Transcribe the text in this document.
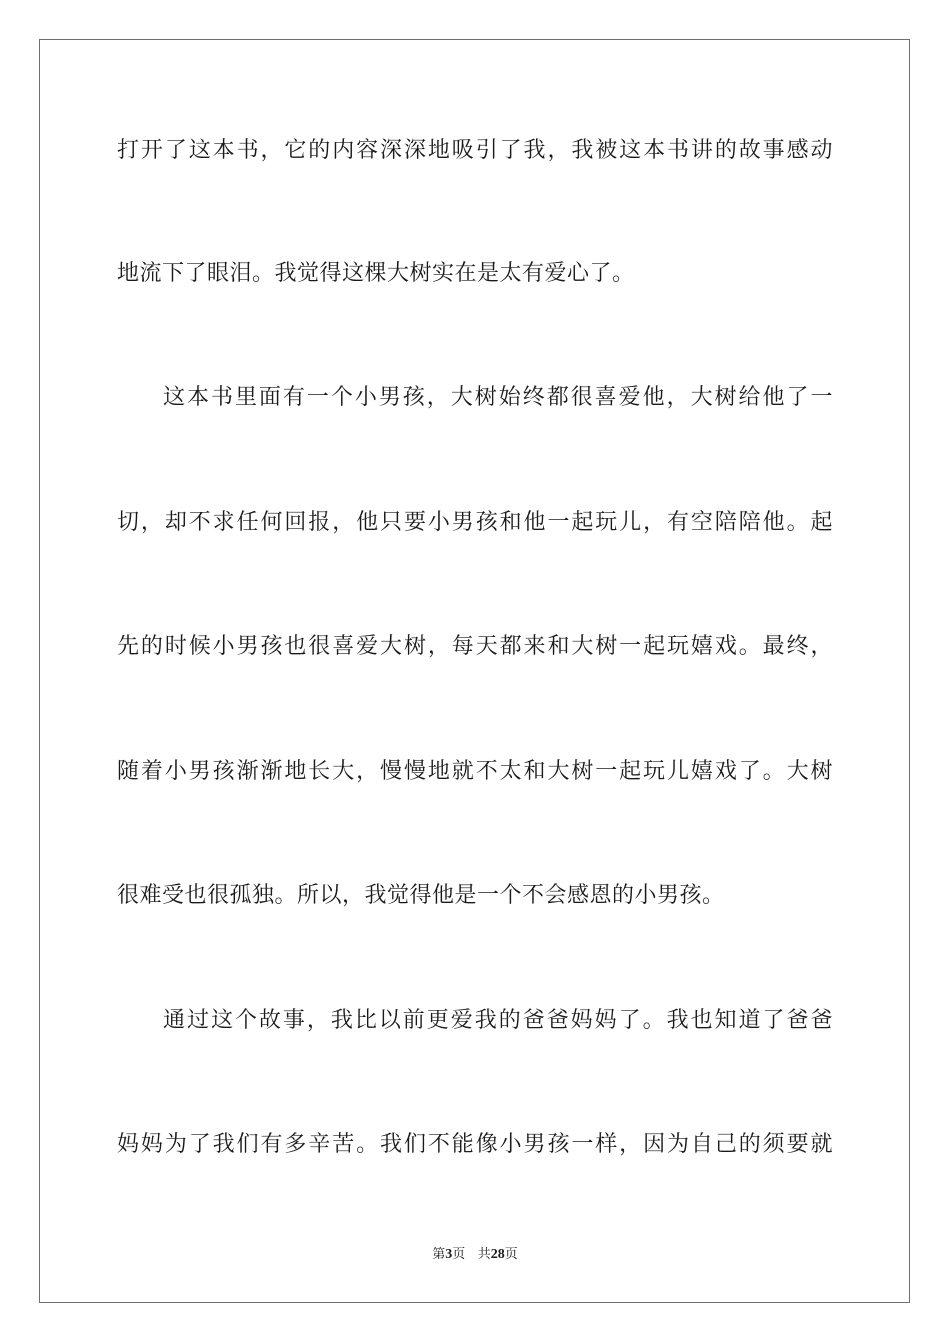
打开了这本书，它的内容深深地吸引了我，我被这本书讲的故事感动
地流下了眼泪。我觉得这棵大树实在是太有爱心了。
这本书里面有一个小男孩，大树始终都很喜爱他，大树给他了一
切，却不求任何回报，他只要小男孩和他一起玩儿，有空陪陪他。起
先的时候小男孩也很喜爱大树，每天都来和大树一起玩嬉戏。最终，
随着小男孩渐渐地长大，慢慢地就不太和大树一起玩儿嬉戏了。大树
很难受也很孤独。所以，我觉得他是一个不会感恩的小男孩。
通过这个故事，我比以前更爱我的爸爸妈妈了。我也知道了爸爸
妈妈为了我们有多辛苦。我们不能像小男孩一样，因为自己的须要就
第3页 共28页
